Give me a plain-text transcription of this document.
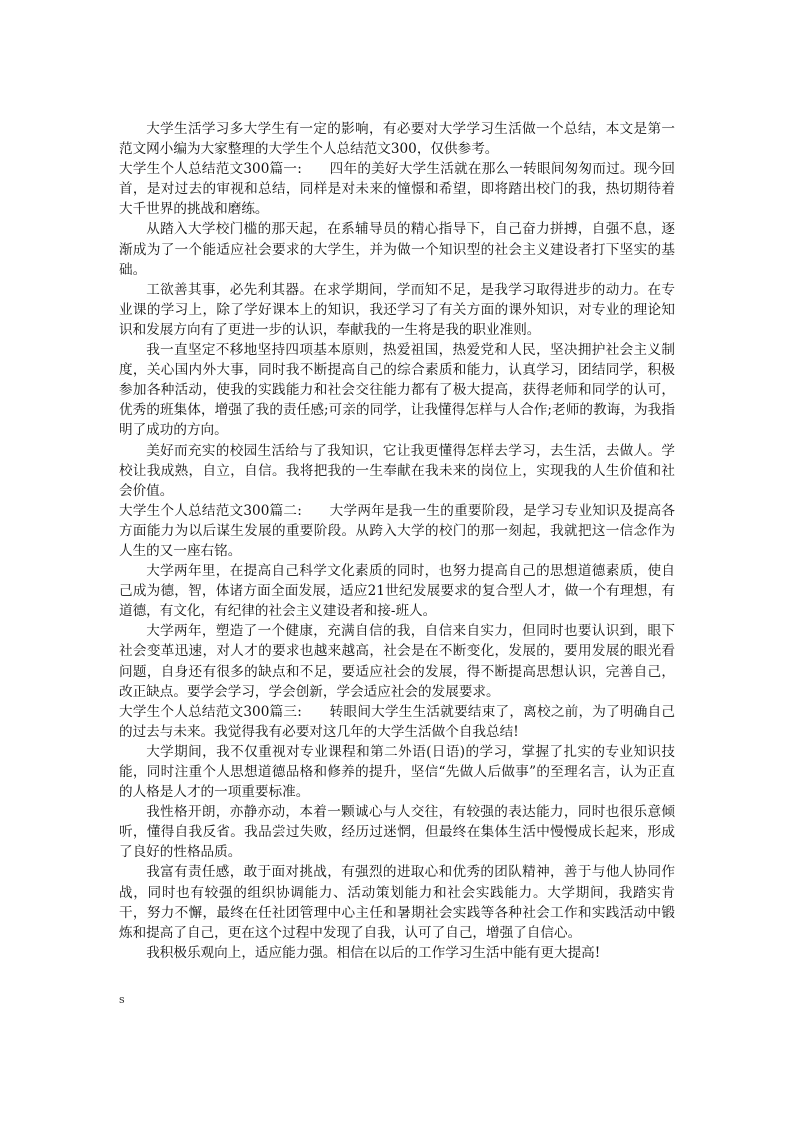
大学生活学习多大学生有一定的影响，有必要对大学学习生活做一个总结，本文是第一范文网小编为大家整理的大学生个人总结范文300，仅供参考。

大学生个人总结范文300篇一:　　四年的美好大学生活就在那么一转眼间匆匆而过。现今回首，是对过去的审视和总结，同样是对未来的憧憬和希望，即将踏出校门的我，热切期待着大千世界的挑战和磨练。

从踏入大学校门槛的那天起，在系辅导员的精心指导下，自己奋力拼搏，自强不息，逐渐成为了一个能适应社会要求的大学生，并为做一个知识型的社会主义建设者打下坚实的基础。

工欲善其事，必先利其器。在求学期间，学而知不足，是我学习取得进步的动力。在专业课的学习上，除了学好课本上的知识，我还学习了有关方面的课外知识，对专业的理论知识和发展方向有了更进一步的认识，奉献我的一生将是我的职业准则。

我一直坚定不移地坚持四项基本原则，热爱祖国，热爱党和人民，坚决拥护社会主义制度，关心国内外大事，同时我不断提高自己的综合素质和能力，认真学习，团结同学，积极参加各种活动，使我的实践能力和社会交往能力都有了极大提高，获得老师和同学的认可，优秀的班集体，增强了我的责任感;可亲的同学，让我懂得怎样与人合作;老师的教诲，为我指明了成功的方向。

美好而充实的校园生活给与了我知识，它让我更懂得怎样去学习，去生活，去做人。学校让我成熟，自立，自信。我将把我的一生奉献在我未来的岗位上，实现我的人生价值和社会价值。

大学生个人总结范文300篇二:　　大学两年是我一生的重要阶段，是学习专业知识及提高各方面能力为以后谋生发展的重要阶段。从跨入大学的校门的那一刻起，我就把这一信念作为人生的又一座右铭。

大学两年里，在提高自己科学文化素质的同时，也努力提高自己的思想道德素质，使自己成为德，智，体诸方面全面发展，适应21世纪发展要求的复合型人才，做一个有理想，有道德，有文化，有纪律的社会主义建设者和接-班人。

大学两年，塑造了一个健康，充满自信的我，自信来自实力，但同时也要认识到，眼下社会变革迅速，对人才的要求也越来越高，社会是在不断变化，发展的，要用发展的眼光看问题，自身还有很多的缺点和不足，要适应社会的发展，得不断提高思想认识，完善自己，改正缺点。要学会学习，学会创新，学会适应社会的发展要求。

大学生个人总结范文300篇三:　　转眼间大学生生活就要结束了，离校之前，为了明确自己的过去与未来。我觉得我有必要对这几年的大学生活做个自我总结!

大学期间，我不仅重视对专业课程和第二外语(日语)的学习，掌握了扎实的专业知识技能，同时注重个人思想道德品格和修养的提升，坚信“先做人后做事”的至理名言，认为正直的人格是人才的一项重要标准。

我性格开朗，亦静亦动，本着一颗诚心与人交往，有较强的表达能力，同时也很乐意倾听，懂得自我反省。我品尝过失败，经历过迷惘，但最终在集体生活中慢慢成长起来，形成了良好的性格品质。

我富有责任感，敢于面对挑战，有强烈的进取心和优秀的团队精神，善于与他人协同作战，同时也有较强的组织协调能力、活动策划能力和社会实践能力。大学期间，我踏实肯干，努力不懈，最终在任社团管理中心主任和暑期社会实践等各种社会工作和实践活动中锻炼和提高了自己，更在这个过程中发现了自我，认可了自己，增强了自信心。

我积极乐观向上，适应能力强。相信在以后的工作学习生活中能有更大提高!

s
